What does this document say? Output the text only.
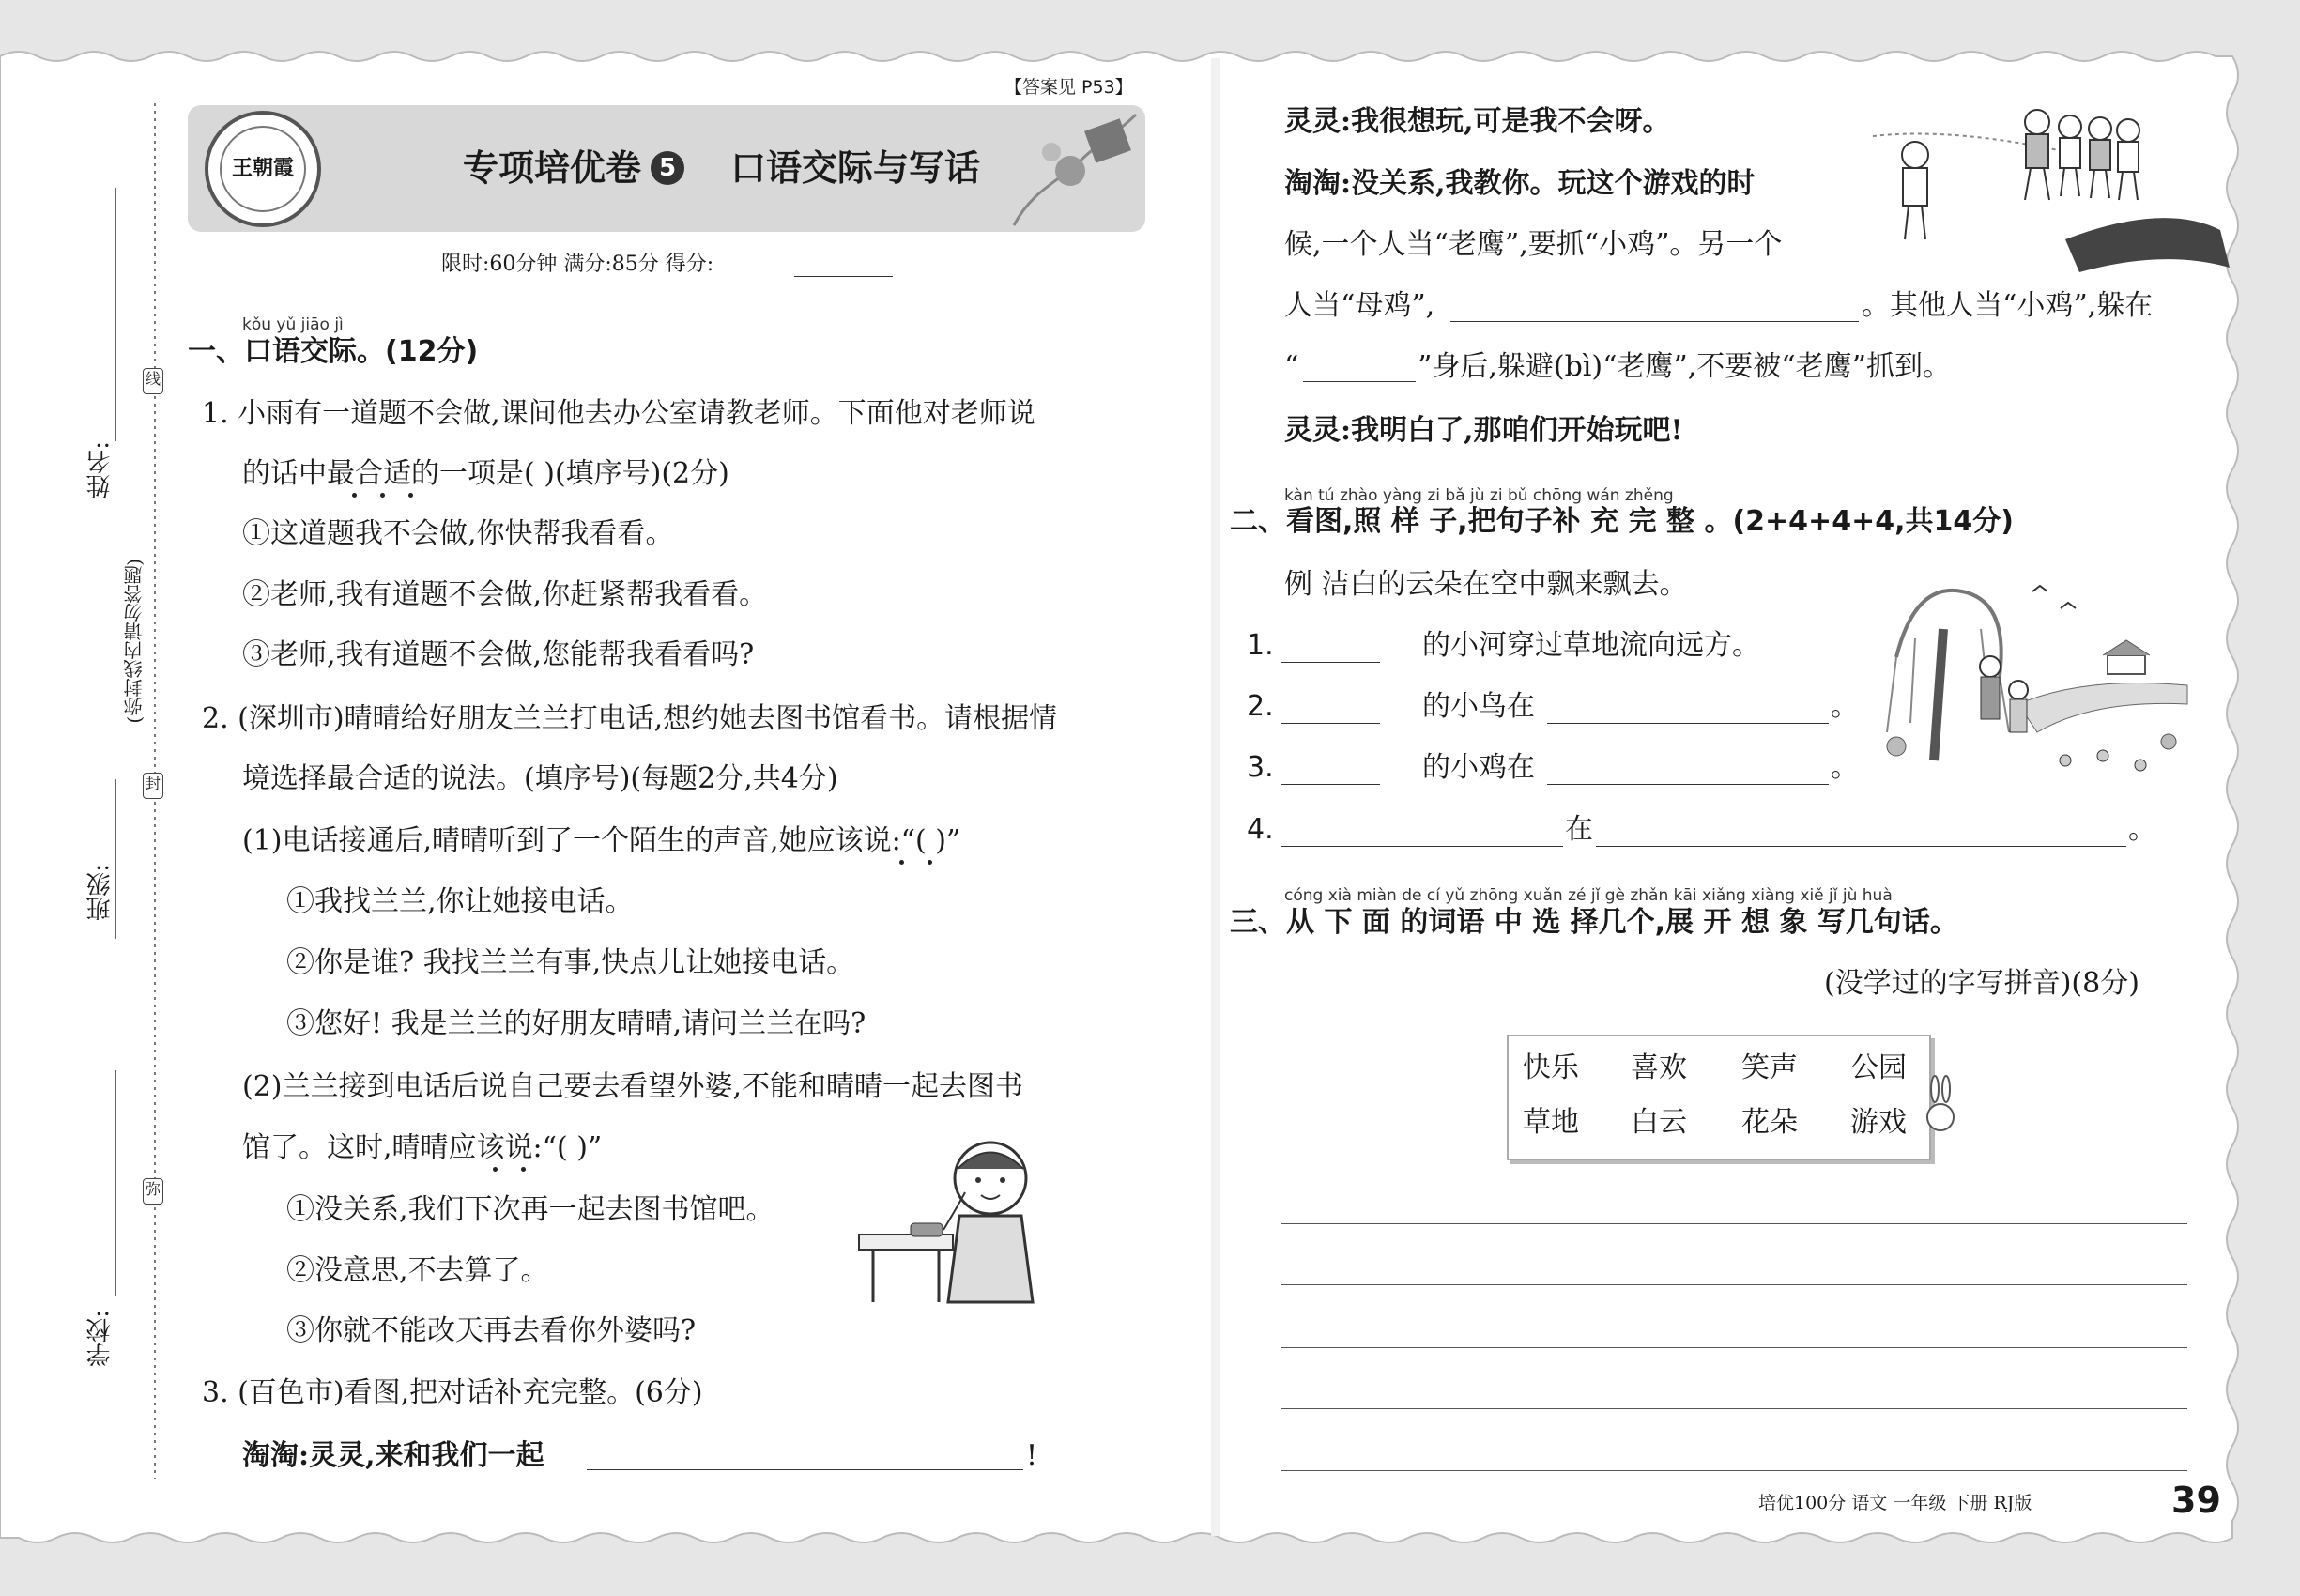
姓名:
班级:
学校:
(弥封线内请勿答题)
线
封
弥
王朝霞
【答案见 P53】
专项培优卷 5 口语交际与写话
限时:60分钟 满分:85分 得分:
kǒu yǔ jiāo jì
一、口语交际。(12分)
1. 小雨有一道题不会做,课间他去办公室请教老师。下面他对老师说
的话中最合适的一项是( )(填序号)(2分)
①这道题我不会做,你快帮我看看。
②老师,我有道题不会做,你赶紧帮我看看。
③老师,我有道题不会做,您能帮我看看吗?
2. (深圳市)晴晴给好朋友兰兰打电话,想约她去图书馆看书。请根据情
境选择最合适的说法。(填序号)(每题2分,共4分)
(1)电话接通后,晴晴听到了一个陌生的声音,她应该说:“( )”
①我找兰兰,你让她接电话。
②你是谁? 我找兰兰有事,快点儿让她接电话。
③您好! 我是兰兰的好朋友晴晴,请问兰兰在吗?
(2)兰兰接到电话后说自己要去看望外婆,不能和晴晴一起去图书
馆了。这时,晴晴应该说:“( )”
①没关系,我们下次再一起去图书馆吧。
②没意思,不去算了。
③你就不能改天再去看你外婆吗?
3. (百色市)看图,把对话补充完整。(6分)
淘淘:灵灵,来和我们一起	!
灵灵:我很想玩,可是我不会呀。
淘淘:没关系,我教你。玩这个游戏的时
候,一个人当“老鹰”,要抓“小鸡”。另一个
人当“母鸡”,	。其他人当“小鸡”,躲在
“	”身后,躲避(bì)“老鹰”,不要被“老鹰”抓到。
灵灵:我明白了,那咱们开始玩吧!
kàn tú zhào yàng zi bǎ jù zi bǔ chōng wán zhěng
二、看图,照 样 子,把句子补 充 完 整 。(2+4+4+4,共14分)
例 洁白的云朵在空中飘来飘去。
1.	的小河穿过草地流向远方。
2.	的小鸟在	。
3.	的小鸡在	。
4.	在	。
cóng xià miàn de cí yǔ zhōng xuǎn zé jǐ gè zhǎn kāi xiǎng xiàng xiě jǐ jù huà
三、从 下 面 的词语 中 选 择几个,展 开 想 象 写几句话。
(没学过的字写拼音)(8分)
快乐 喜欢 笑声 公园
草地 白云 花朵 游戏
培优100分 语文 一年级 下册 RJ版	39
